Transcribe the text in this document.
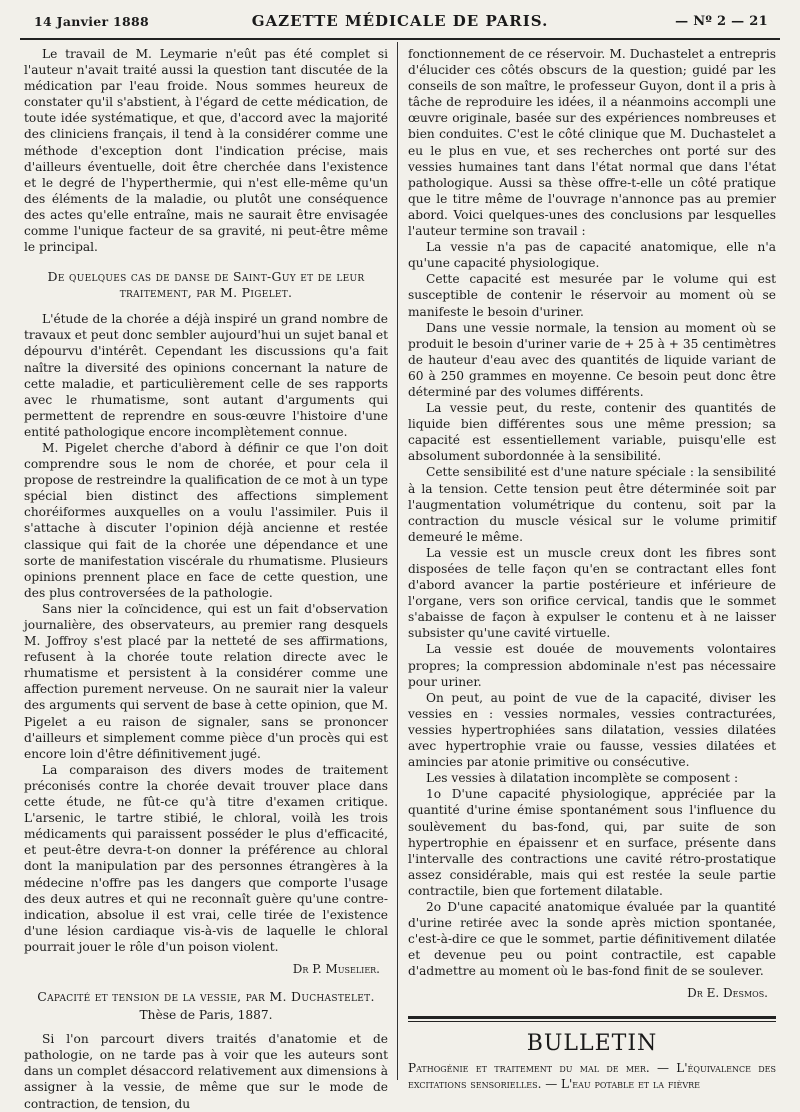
14 Janvier 1888	GAZETTE MÉDICALE DE PARIS.	— Nº 2 — 21

Le travail de M. Leymarie n'eût pas été complet si l'auteur n'avait traité aussi la question tant discutée de la médication par l'eau froide. Nous sommes heureux de constater qu'il s'abstient, à l'égard de cette médication, de toute idée systématique, et que, d'accord avec la majorité des cliniciens français, il tend à la considérer comme une méthode d'exception dont l'indication précise, mais d'ailleurs éventuelle, doit être cherchée dans l'existence et le degré de l'hyperthermie, qui n'est elle-même qu'un des éléments de la maladie, ou plutôt une conséquence des actes qu'elle entraîne, mais ne saurait être envisagée comme l'unique facteur de sa gravité, ni peut-être même le principal.

De quelques cas de danse de Saint-Guy et de leur
traitement, par M. Pigelet.

L'étude de la chorée a déjà inspiré un grand nombre de travaux et peut donc sembler aujourd'hui un sujet banal et dépourvu d'intérêt. Cependant les discussions qu'a fait naître la diversité des opinions concernant la nature de cette maladie, et particulièrement celle de ses rapports avec le rhumatisme, sont autant d'arguments qui permettent de reprendre en sous-œuvre l'histoire d'une entité pathologique encore incomplètement connue.

M. Pigelet cherche d'abord à définir ce que l'on doit comprendre sous le nom de chorée, et pour cela il propose de restreindre la qualification de ce mot à un type spécial bien distinct des affections simplement choréiformes auxquelles on a voulu l'assimiler. Puis il s'attache à discuter l'opinion déjà ancienne et restée classique qui fait de la chorée une dépendance et une sorte de manifestation viscérale du rhumatisme. Plusieurs opinions prennent place en face de cette question, une des plus controversées de la pathologie.

Sans nier la coïncidence, qui est un fait d'observation journalière, des observateurs, au premier rang desquels M. Joffroy s'est placé par la netteté de ses affirmations, refusent à la chorée toute relation directe avec le rhumatisme et persistent à la considérer comme une affection purement nerveuse. On ne saurait nier la valeur des arguments qui servent de base à cette opinion, que M. Pigelet a eu raison de signaler, sans se prononcer d'ailleurs et simplement comme pièce d'un procès qui est encore loin d'être définitivement jugé.

La comparaison des divers modes de traitement préconisés contre la chorée devait trouver place dans cette étude, ne fût-ce qu'à titre d'examen critique. L'arsenic, le tartre stibié, le chloral, voilà les trois médicaments qui paraissent posséder le plus d'efficacité, et peut-être devra-t-on donner la préférence au chloral dont la manipulation par des personnes étrangères à la médecine n'offre pas les dangers que comporte l'usage des deux autres et qui ne reconnaît guère qu'une contre-indication, absolue il est vrai, celle tirée de l'existence d'une lésion cardiaque vis-à-vis de laquelle le chloral pourrait jouer le rôle d'un poison violent.

Dr P. Muselier.
Capacité et tension de la vessie, par M. Duchastelet.
Thèse de Paris, 1887.

Si l'on parcourt divers traités d'anatomie et de pathologie, on ne tarde pas à voir que les auteurs sont dans un complet désaccord relativement aux dimensions à assigner à la vessie, de même que sur le mode de contraction, de tension, du

fonctionnement de ce réservoir. M. Duchastelet a entrepris d'élucider ces côtés obscurs de la question; guidé par les conseils de son maître, le professeur Guyon, dont il a pris à tâche de reproduire les idées, il a néanmoins accompli une œuvre originale, basée sur des expériences nombreuses et bien conduites. C'est le côté clinique que M. Duchastelet a eu le plus en vue, et ses recherches ont porté sur des vessies humaines tant dans l'état normal que dans l'état pathologique. Aussi sa thèse offre-t-elle un côté pratique que le titre même de l'ouvrage n'annonce pas au premier abord. Voici quelques-unes des conclusions par lesquelles l'auteur termine son travail :

La vessie n'a pas de capacité anatomique, elle n'a qu'une capacité physiologique.

Cette capacité est mesurée par le volume qui est susceptible de contenir le réservoir au moment où se manifeste le besoin d'uriner.

Dans une vessie normale, la tension au moment où se produit le besoin d'uriner varie de + 25 à + 35 centimètres de hauteur d'eau avec des quantités de liquide variant de 60 à 250 grammes en moyenne. Ce besoin peut donc être déterminé par des volumes différents.

La vessie peut, du reste, contenir des quantités de liquide bien différentes sous une même pression; sa capacité est essentiellement variable, puisqu'elle est absolument subordonnée à la sensibilité.

Cette sensibilité est d'une nature spéciale : la sensibilité à la tension. Cette tension peut être déterminée soit par l'augmentation volumétrique du contenu, soit par la contraction du muscle vésical sur le volume primitif demeuré le même.

La vessie est un muscle creux dont les fibres sont disposées de telle façon qu'en se contractant elles font d'abord avancer la partie postérieure et inférieure de l'organe, vers son orifice cervical, tandis que le sommet s'abaisse de façon à expulser le contenu et à ne laisser subsister qu'une cavité virtuelle.

La vessie est douée de mouvements volontaires propres; la compression abdominale n'est pas nécessaire pour uriner.

On peut, au point de vue de la capacité, diviser les vessies en : vessies normales, vessies contracturées, vessies hypertrophiées sans dilatation, vessies dilatées avec hypertrophie vraie ou fausse, vessies dilatées et amincies par atonie primitive ou consécutive.

Les vessies à dilatation incomplète se composent :

1o D'une capacité physiologique, appréciée par la quantité d'urine émise spontanément sous l'influence du soulèvement du bas-fond, qui, par suite de son hypertrophie en épaissenr et en surface, présente dans l'intervalle des contractions une cavité rétro-prostatique assez considérable, mais qui est restée la seule partie contractile, bien que fortement dilatable.

2o D'une capacité anatomique évaluée par la quantité d'urine retirée avec la sonde après miction spontanée, c'est-à-dire ce que le sommet, partie définitivement dilatée et devenue peu ou point contractile, est capable d'admettre au moment où le bas-fond finit de se soulever.

Dr E. Desmos.
BULLETIN

Pathogénie et traitement du mal de mer. — L'équivalence des excitations sensorielles. — L'eau potable et la fièvre
